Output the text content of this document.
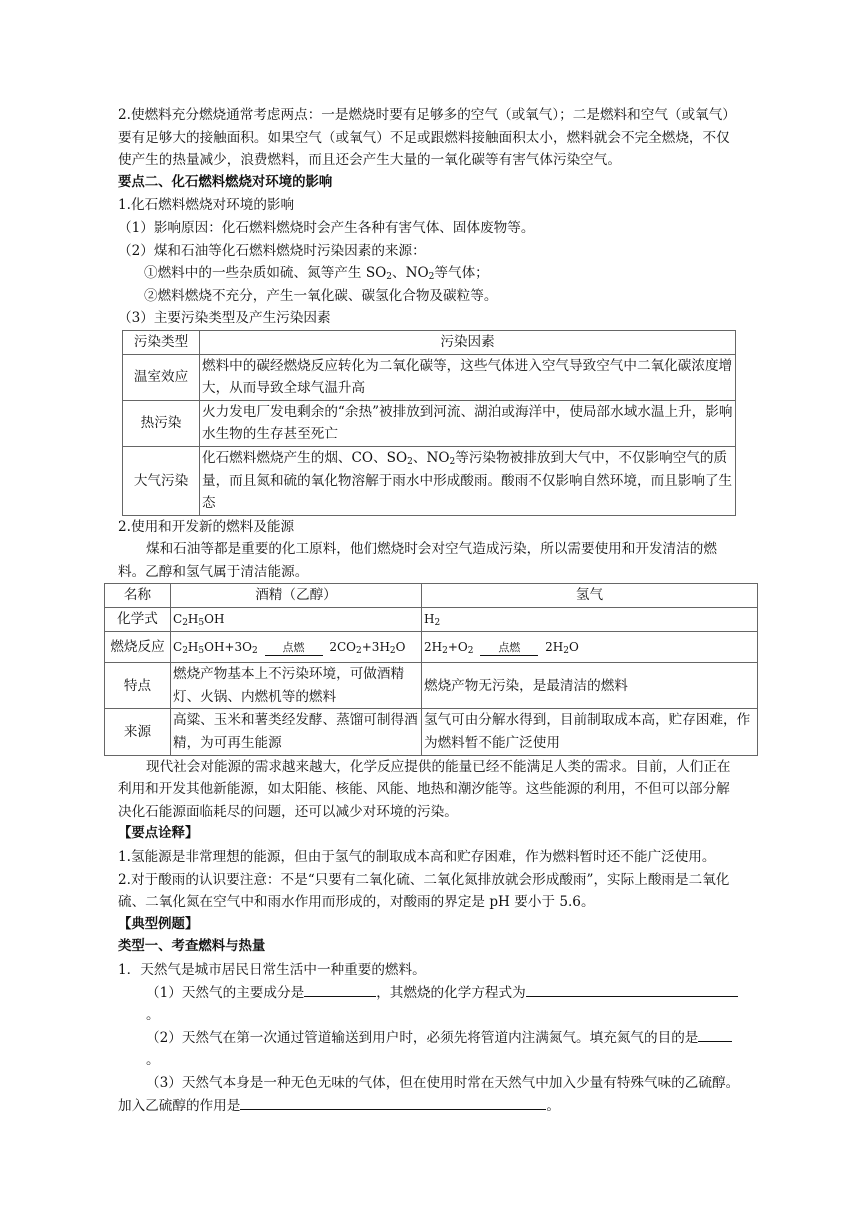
2.使燃料充分燃烧通常考虑两点：一是燃烧时要有足够多的空气（或氧气）；二是燃料和空气（或氧气）要有足够大的接触面积。如果空气（或氧气）不足或跟燃料接触面积太小，燃料就会不完全燃烧，不仅使产生的热量减少，浪费燃料，而且还会产生大量的一氧化碳等有害气体污染空气。

要点二、化石燃料燃烧对环境的影响

1.化石燃料燃烧对环境的影响

（1）影响原因：化石燃料燃烧时会产生各种有害气体、固体废物等。

（2）煤和石油等化石燃料燃烧时污染因素的来源：

①燃料中的一些杂质如硫、氮等产生 $SO_2$、$NO_2$等气体；

②燃料燃烧不充分，产生一氧化碳、碳氢化合物及碳粒等。

（3）主要污染类型及产生污染因素

污染类型	污染因素
温室效应	燃料中的碳经燃烧反应转化为二氧化碳等，这些气体进入空气导致空气中二氧化碳浓度增大，从而导致全球气温升高
热污染	火力发电厂发电剩余的“余热”被排放到河流、湖泊或海洋中，使局部水域水温上升，影响水生物的生存甚至死亡
大气污染	化石燃料燃烧产生的烟、CO、$SO_2$、$NO_2$等污染物被排放到大气中，不仅影响空气的质量，而且氮和硫的氧化物溶解于雨水中形成酸雨。酸雨不仅影响自然环境，而且影响了生态

2.使用和开发新的燃料及能源

煤和石油等都是重要的化工原料，他们燃烧时会对空气造成污染，所以需要使用和开发清洁的燃料。乙醇和氢气属于清洁能源。

名称	酒精（乙醇）	氢气
化学式	$C_2H_5OH$	$H_2$
燃烧反应	$C_2H_5OH+3O_2$ 点燃 $2CO_2+3H_2O$	$2H_2+O_2$ 点燃 $2H_2O$
特点	燃烧产物基本上不污染环境，可做酒精灯、火锅、内燃机等的燃料	燃烧产物无污染，是最清洁的燃料
来源	高粱、玉米和薯类经发酵、蒸馏可制得酒精，为可再生能源	氢气可由分解水得到，目前制取成本高，贮存困难，作为燃料暂不能广泛使用

现代社会对能源的需求越来越大，化学反应提供的能量已经不能满足人类的需求。目前，人们正在利用和开发其他新能源，如太阳能、核能、风能、地热和潮汐能等。这些能源的利用，不但可以部分解决化石能源面临耗尽的问题，还可以减少对环境的污染。

【要点诠释】

1.氢能源是非常理想的能源，但由于氢气的制取成本高和贮存困难，作为燃料暂时还不能广泛使用。

2.对于酸雨的认识要注意：不是“只要有二氧化硫、二氧化氮排放就会形成酸雨”，实际上酸雨是二氧化硫、二氧化氮在空气中和雨水作用而形成的，对酸雨的界定是 pH 要小于 5.6。

【典型例题】

类型一、考查燃料与热量

1．天然气是城市居民日常生活中一种重要的燃料。

（1）天然气的主要成分是	，其燃烧的化学方程式为。

（2）天然气在第一次通过管道输送到用户时，必须先将管道内注满氮气。填充氮气的目的是。

（3）天然气本身是一种无色无味的气体，但在使用时常在天然气中加入少量有特殊气味的乙硫醇。加入乙硫醇的作用是	。
